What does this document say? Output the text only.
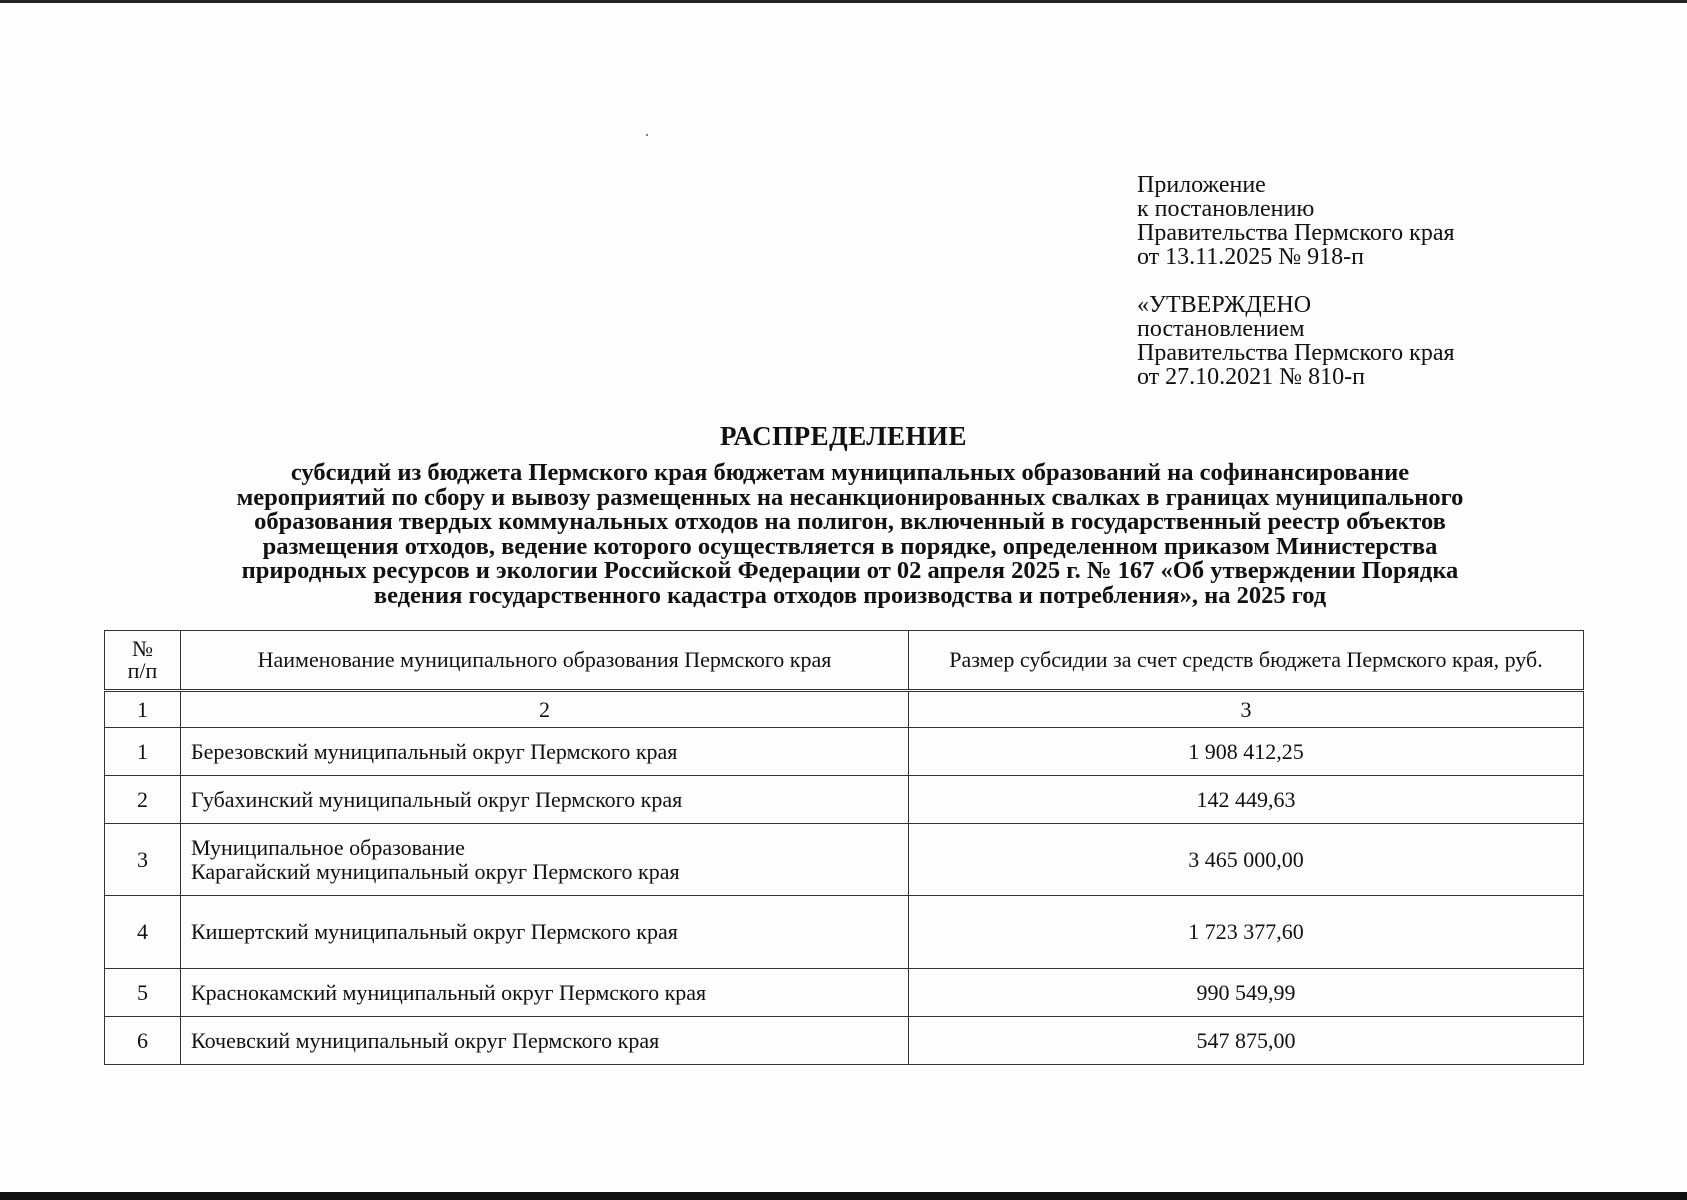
Приложение
к постановлению
Правительства Пермского края
от 13.11.2025 № 918-п
«УТВЕРЖДЕНО
постановлением
Правительства Пермского края
от 27.10.2021 № 810-п
РАСПРЕДЕЛЕНИЕ
субсидий из бюджета Пермского края бюджетам муниципальных образований на софинансирование
мероприятий по сбору и вывозу размещенных на несанкционированных свалках в границах муниципального
образования твердых коммунальных отходов на полигон, включенный в государственный реестр объектов
размещения отходов, ведение которого осуществляется в порядке, определенном приказом Министерства
природных ресурсов и экологии Российской Федерации от 02 апреля 2025 г. № 167 «Об утверждении Порядка
ведения государственного кадастра отходов производства и потребления», на 2025 год
№
п/п	Наименование муниципального образования Пермского края	Размер субсидии за счет средств бюджета Пермского края, руб.
1	2	3
1	Березовский муниципальный округ Пермского края	1 908 412,25
2	Губахинский муниципальный округ Пермского края	142 449,63
3	Муниципальное образование
Карагайский муниципальный округ Пермского края	3 465 000,00
4	Кишертский муниципальный округ Пермского края	1 723 377,60
5	Краснокамский муниципальный округ Пермского края	990 549,99
6	Кочевский муниципальный округ Пермского края	547 875,00
